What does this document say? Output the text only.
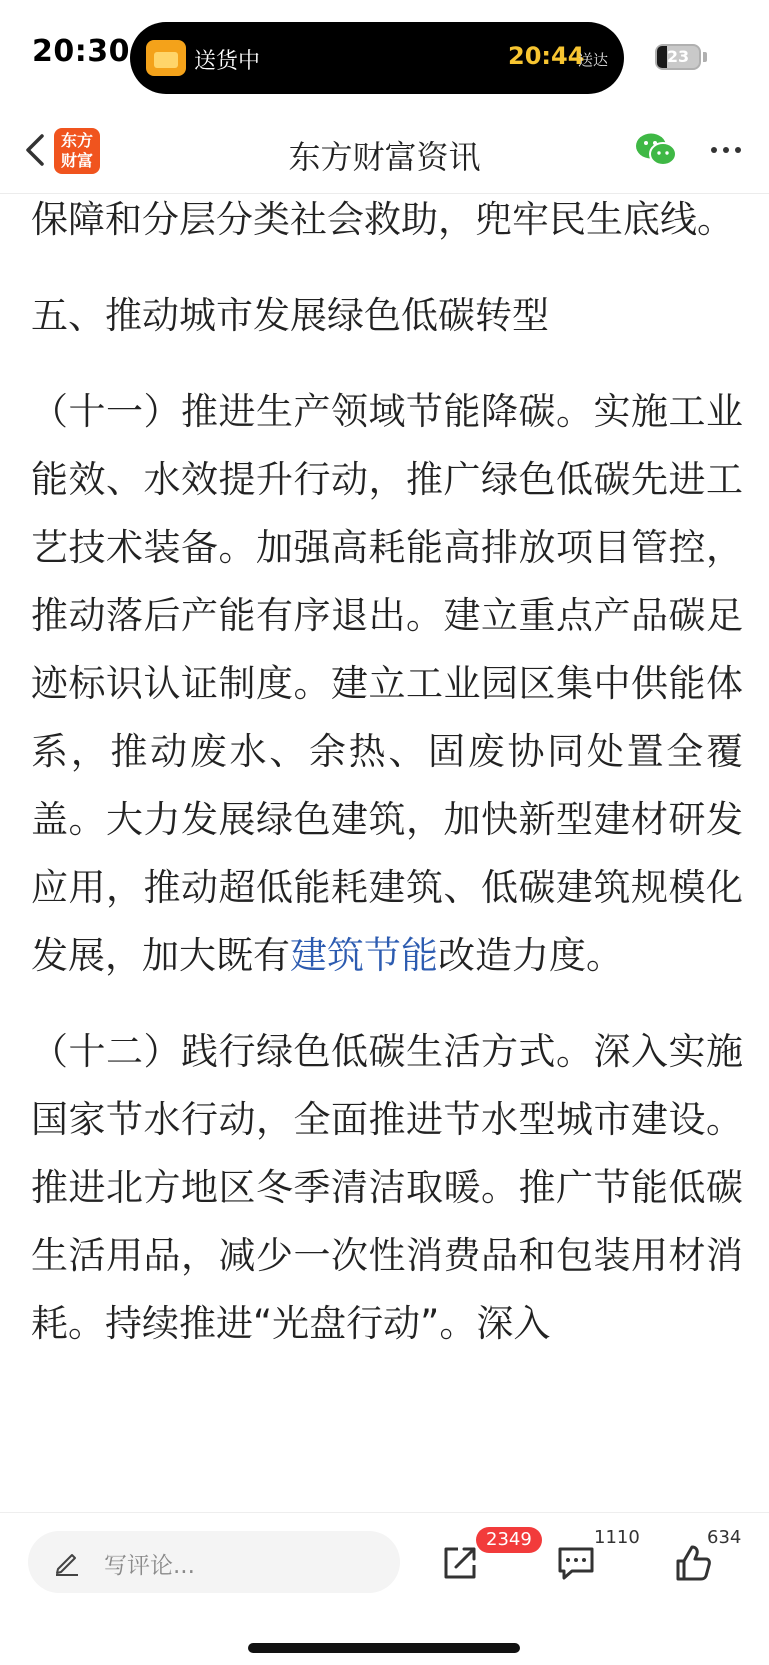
20:30	送货中	20:44
送达	23
东方
财富	东方财富资讯

保障和分层分类社会救助，兜牢民生底线。

五、推动城市发展绿色低碳转型

（十一）推进生产领域节能降碳。实施工业能效、水效提升行动，推广绿色低碳先进工艺技术装备。加强高耗能高排放项目管控，推动落后产能有序退出。建立重点产品碳足迹标识认证制度。建立工业园区集中供能体系，推动废水、余热、固废协同处置全覆盖。大力发展绿色建筑，加快新型建材研发应用，推动超低能耗建筑、低碳建筑规模化发展，加大既有建筑节能改造力度。

（十二）践行绿色低碳生活方式。深入实施国家节水行动，全面推进节水型城市建设。推进北方地区冬季清洁取暖。推广节能低碳生活用品，减少一次性消费品和包装用材消耗。持续推进“光盘行动”。深入

写评论...
2349	1110	634
